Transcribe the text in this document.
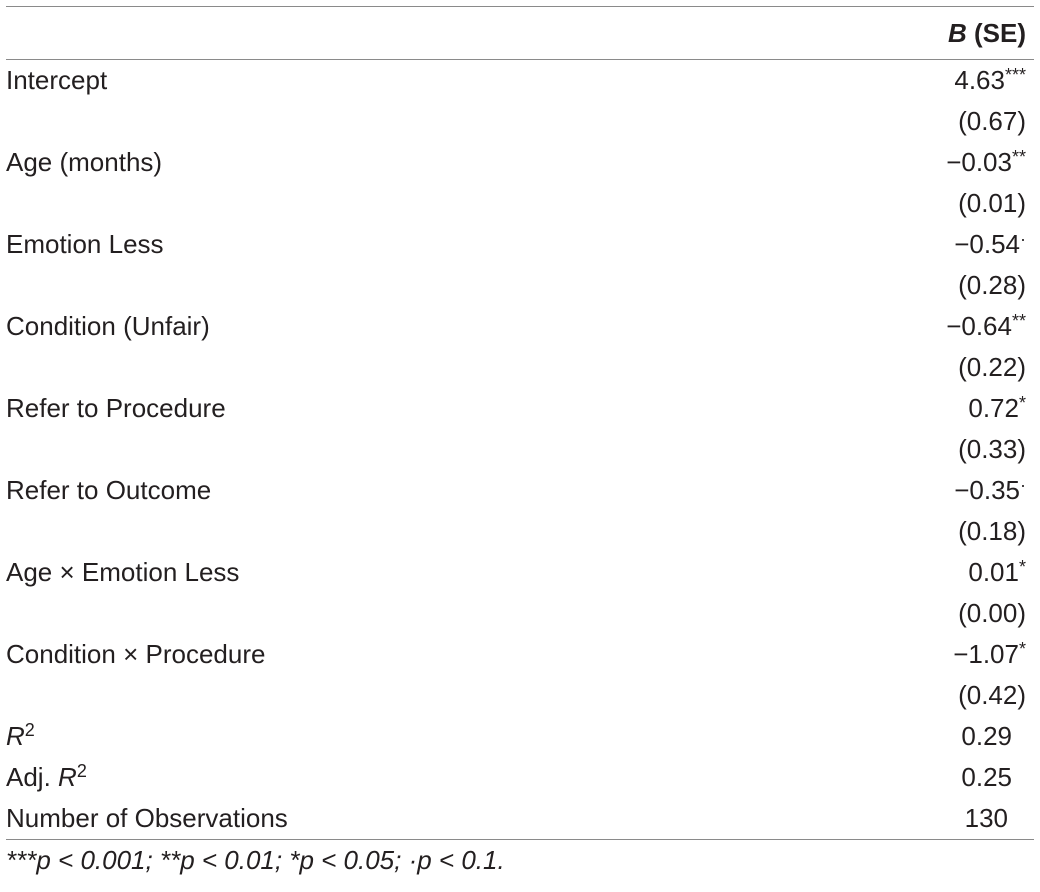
B (SE)
Intercept	4.63***
(0.67)
Age (months)	−0.03**
(0.01)
Emotion Less	−0.54·
(0.28)
Condition (Unfair)	−0.64**
(0.22)
Refer to Procedure	0.72*
(0.33)
Refer to Outcome	−0.35·
(0.18)
Age × Emotion Less	0.01*
(0.00)
Condition × Procedure	−1.07*
(0.42)
$R^2$	0.29
Adj. $R^2$	0.25
Number of Observations	130
***p < 0.001; **p < 0.01; *p < 0.05; ·p < 0.1.
